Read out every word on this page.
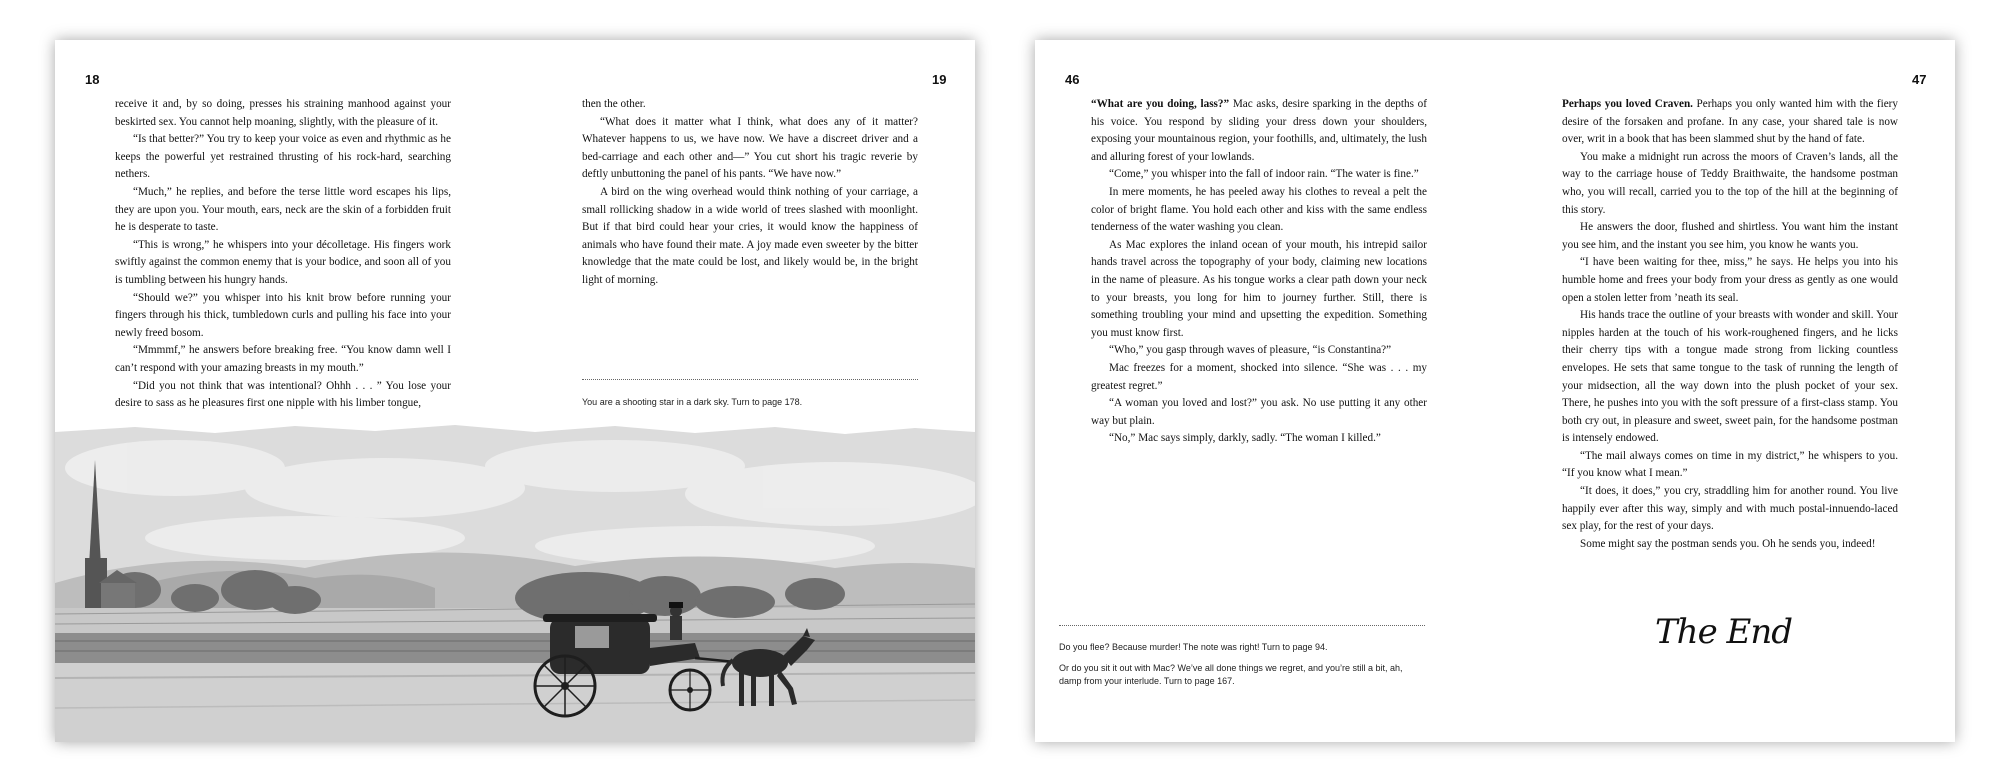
18	19

receive it and, by so doing, presses his straining manhood against your beskirted sex. You cannot help moaning, slightly, with the pleasure of it.

“Is that better?” You try to keep your voice as even and rhythmic as he keeps the powerful yet restrained thrusting of his rock-hard, searching nethers.

“Much,” he replies, and before the terse little word escapes his lips, they are upon you. Your mouth, ears, neck are the skin of a forbidden fruit he is desperate to taste.

“This is wrong,” he whispers into your décolletage. His fingers work swiftly against the common enemy that is your bodice, and soon all of you is tumbling between his hungry hands.

“Should we?” you whisper into his knit brow before running your fingers through his thick, tumbledown curls and pulling his face into your newly freed bosom.

“Mmmmf,” he answers before breaking free. “You know damn well I can’t respond with your amazing breasts in my mouth.”

“Did you not think that was intentional? Ohhh . . . ” You lose your desire to sass as he pleasures first one nipple with his limber tongue,

then the other.

“What does it matter what I think, what does any of it matter? Whatever happens to us, we have now. We have a discreet driver and a bed-carriage and each other and—” You cut short his tragic reverie by deftly unbuttoning the panel of his pants. “We have now.”

A bird on the wing overhead would think nothing of your carriage, a small rollicking shadow in a wide world of trees slashed with moonlight. But if that bird could hear your cries, it would know the happiness of animals who have found their mate. A joy made even sweeter by the bitter knowledge that the mate could be lost, and likely would be, in the bright light of morning.

You are a shooting star in a dark sky. Turn to page 178.

46	47

“What are you doing, lass?” Mac asks, desire sparking in the depths of his voice. You respond by sliding your dress down your shoulders, exposing your mountainous region, your foothills, and, ultimately, the lush and alluring forest of your lowlands.

“Come,” you whisper into the fall of indoor rain. “The water is fine.”

In mere moments, he has peeled away his clothes to reveal a pelt the color of bright flame. You hold each other and kiss with the same endless tenderness of the water washing you clean.

As Mac explores the inland ocean of your mouth, his intrepid sailor hands travel across the topography of your body, claiming new locations in the name of pleasure. As his tongue works a clear path down your neck to your breasts, you long for him to journey further. Still, there is something troubling your mind and upsetting the expedition. Something you must know first.

“Who,” you gasp through waves of pleasure, “is Constantina?”

Mac freezes for a moment, shocked into silence. “She was . . . my greatest regret.”

“A woman you loved and lost?” you ask. No use putting it any other way but plain.

“No,” Mac says simply, darkly, sadly. “The woman I killed.”

Do you flee? Because murder! The note was right! Turn to page 94.

Or do you sit it out with Mac? We’ve all done things we regret, and you’re still a bit, ah, damp from your interlude. Turn to page 167.

Perhaps you loved Craven. Perhaps you only wanted him with the fiery desire of the forsaken and profane. In any case, your shared tale is now over, writ in a book that has been slammed shut by the hand of fate.

You make a midnight run across the moors of Craven’s lands, all the way to the carriage house of Teddy Braithwaite, the handsome postman who, you will recall, carried you to the top of the hill at the beginning of this story.

He answers the door, flushed and shirtless. You want him the instant you see him, and the instant you see him, you know he wants you.

“I have been waiting for thee, miss,” he says. He helps you into his humble home and frees your body from your dress as gently as one would open a stolen letter from ’neath its seal.

His hands trace the outline of your breasts with wonder and skill. Your nipples harden at the touch of his work-roughened fingers, and he licks their cherry tips with a tongue made strong from licking countless envelopes. He sets that same tongue to the task of running the length of your midsection, all the way down into the plush pocket of your sex. There, he pushes into you with the soft pressure of a first-class stamp. You both cry out, in pleasure and sweet, sweet pain, for the handsome postman is intensely endowed.

“The mail always comes on time in my district,” he whispers to you. “If you know what I mean.”

“It does, it does,” you cry, straddling him for another round. You live happily ever after this way, simply and with much postal-innuendo-laced sex play, for the rest of your days.

Some might say the postman sends you. Oh he sends you, indeed!

The End
